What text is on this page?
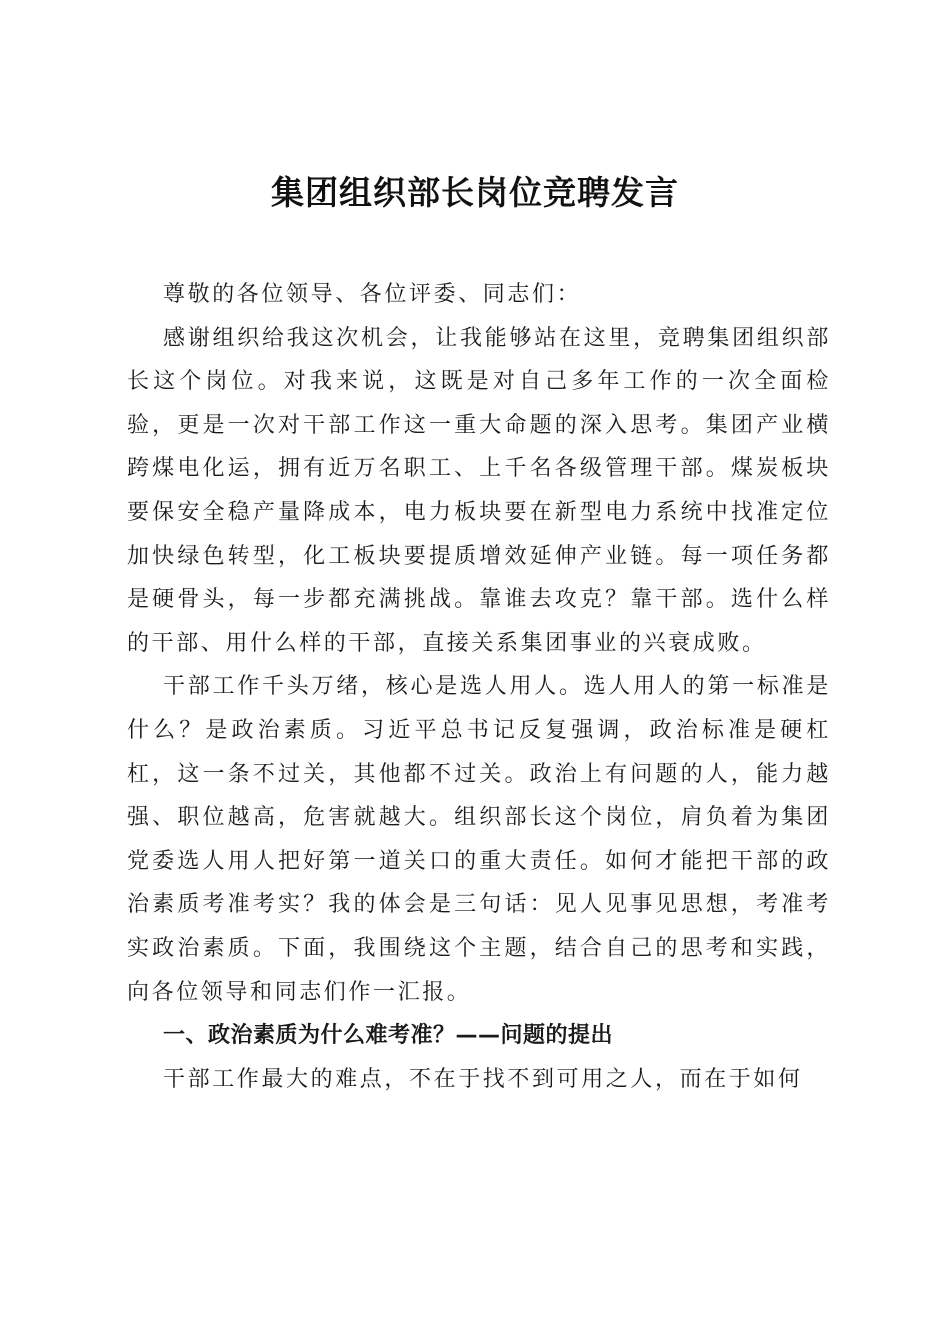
集团组织部长岗位竞聘发言

尊敬的各位领导、各位评委、同志们：

感谢组织给我这次机会，让我能够站在这里，竞聘集团组织部长这个岗位。对我来说，这既是对自己多年工作的一次全面检验，更是一次对干部工作这一重大命题的深入思考。集团产业横跨煤电化运，拥有近万名职工、上千名各级管理干部。煤炭板块要保安全稳产量降成本，电力板块要在新型电力系统中找准定位加快绿色转型，化工板块要提质增效延伸产业链。每一项任务都是硬骨头，每一步都充满挑战。靠谁去攻克？靠干部。选什么样的干部、用什么样的干部，直接关系集团事业的兴衰成败。

干部工作千头万绪，核心是选人用人。选人用人的第一标准是什么？是政治素质。习近平总书记反复强调，政治标准是硬杠杠，这一条不过关，其他都不过关。政治上有问题的人，能力越强、职位越高，危害就越大。组织部长这个岗位，肩负着为集团党委选人用人把好第一道关口的重大责任。如何才能把干部的政治素质考准考实？我的体会是三句话：见人见事见思想，考准考实政治素质。下面，我围绕这个主题，结合自己的思考和实践，向各位领导和同志们作一汇报。

一、政治素质为什么难考准？——问题的提出

干部工作最大的难点，不在于找不到可用之人，而在于如何
